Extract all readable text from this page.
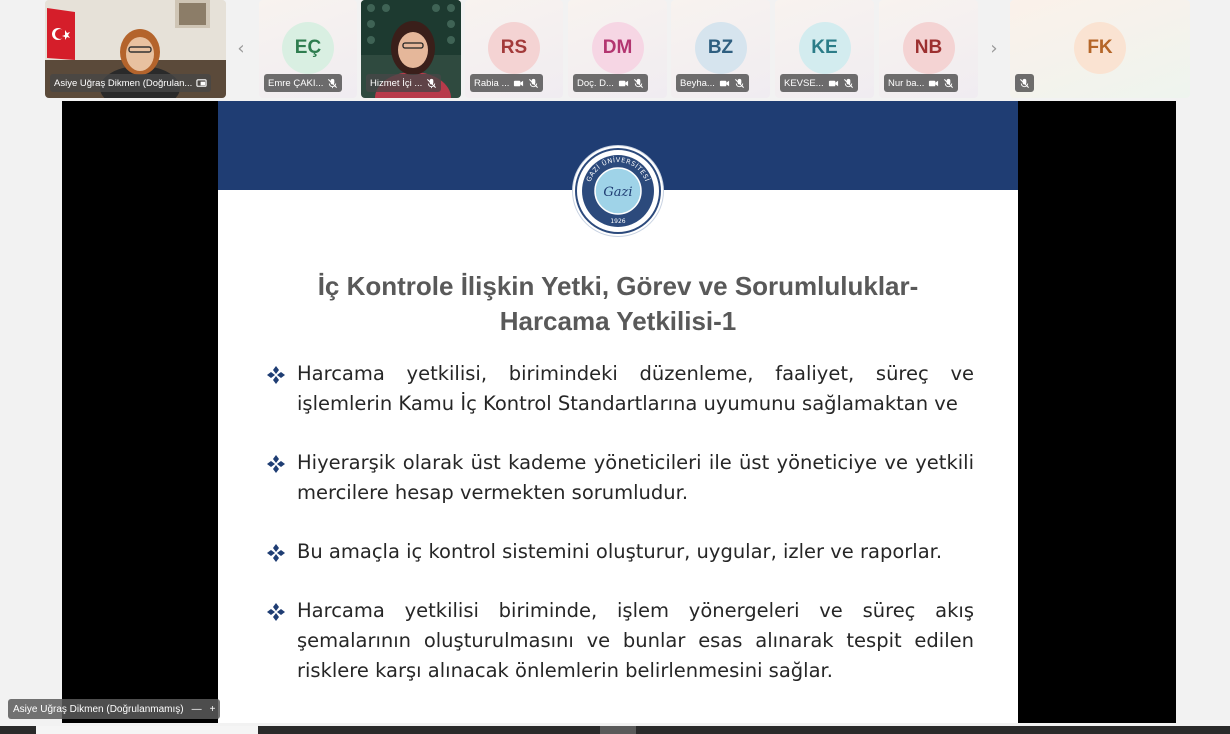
Asiye Uğraş Dikmen (Doğrulan...
‹	EÇ
Emre ÇAKI...	Hizmet İçi ...
RS
Rabia ...
DM
Doç. D...
BZ
Beyha...
KE
KEVSE...
NB
Nur ba...
›	FK
GAZİ ÜNİVERSİTESİ
Gazi
1926
İç Kontrole İlişkin Yetki, Görev ve Sorumluluklar-
Harcama Yetkilisi-1
Harcama yetkilisi, birimindeki düzenleme, faaliyet, süreç ve işlemlerin Kamu İç Kontrol Standartlarına uyumunu sağlamaktan ve
Hiyerarşik olarak üst kademe yöneticileri ile üst yöneticiye ve yetkili mercilere hesap vermekten sorumludur.
Bu amaçla iç kontrol sistemini oluşturur, uygular, izler ve raporlar.
Harcama yetkilisi biriminde, işlem yönergeleri ve süreç akış şemalarının oluşturulmasını ve bunlar esas alınarak tespit edilen risklere karşı alınacak önlemlerin belirlenmesini sağlar.
Asiye Uğraş Dikmen (Doğrulanmamış) — +
